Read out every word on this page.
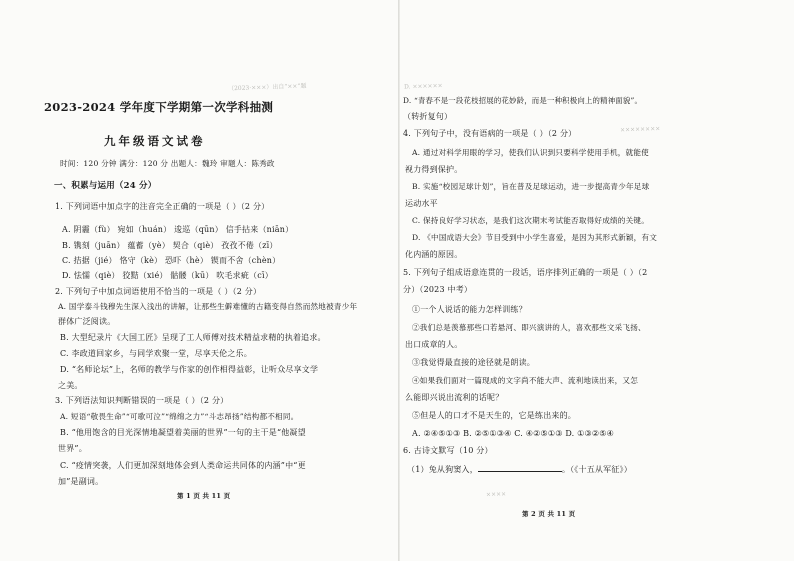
（2023·×××）出自“××”题
2023-2024 学年度下学期第一次学科抽测
九年级语文试卷
时间：120 分钟 满分：120 分 出题人：魏玲 审题人：陈秀政
一、积累与运用（24 分）
1. 下列词语中加点字的注音完全正确的一项是（ ）（2 分）
A. 阴霾（fù） 宛如（huán） 逡巡（qūn） 信手拈来（niān）
B. 镌刻（juān） 蕴蓄（yè） 契合（qiè） 孜孜不倦（zī）
C. 拮据（jié） 恪守（kè） 恐吓（hè） 锲而不舍（chèn）
D. 怯懦（qiè） 狡黠（xié） 骷髅（kū） 吹毛求疵（cī）
2. 下列句子中加点词语使用不恰当的一项是（ ）（2 分）
A. 国学泰斗钱穆先生深入浅出的讲解，让那些生僻难懂的古籍变得自然而然地被青少年
群体广泛阅读。
B. 大型纪录片《大国工匠》呈现了工人师傅对技术精益求精的执着追求。
C. 李政道回家乡，与同学欢聚一堂，尽享天伦之乐。
D. “名师论坛”上，名师的教学与作家的创作相得益彰，让听众尽享文学
之美。
3. 下列语法知识判断错误的一项是（ ）（2 分）
A. 短语“敬畏生命”“可歌可泣”“绵绵之力”“斗志昂扬”结构都不相同。
B. “他用饱含的目光深情地凝望着美丽的世界”一句的主干是“他凝望
世界”。
C. “疫情突袭，人们更加深刻地体会到人类命运共同体的内涵”中“更
加”是副词。
第 1 页 共 11 页
D. ××××××
××××××××
××××
D. “青春不是一段花枝招展的花妙龄，而是一种积极向上的精神面貌”。
（转折复句）
4. 下列句子中，没有语病的一项是（ ）（2 分）
A. 通过对科学用眼的学习，使我们认识到只要科学使用手机，就能使
视力得到保护。
B. 实施“校园足球计划”，旨在普及足球运动，进一步提高青少年足球
运动水平
C. 保持良好学习状态，是我们这次期末考试能否取得好成绩的关键。
D. 《中国成语大会》节目受到中小学生喜爱，是因为其形式新颖，有文
化内涵的原因。
5. 下列句子组成语意连贯的一段话，语序排列正确的一项是（ ）（2
分）（2023 中考）
①一个人说话的能力怎样训练？
②我们总是羡慕那些口若悬河、即兴演讲的人，喜欢那些文采飞扬、
出口成章的人。
③我觉得最直接的途径就是朗读。
④如果我们面对一篇现成的文字尚不能大声、流利地读出来，又怎
么能即兴说出流利的话呢？
⑤但是人的口才不是天生的，它是练出来的。
A. ②④⑤①③ B. ②⑤①③④ C. ④②⑤①③ D. ①③②⑤④
6. 古诗文默写（10 分）
（1）兔从狗窦入，	。（《十五从军征》）
第 2 页 共 11 页
